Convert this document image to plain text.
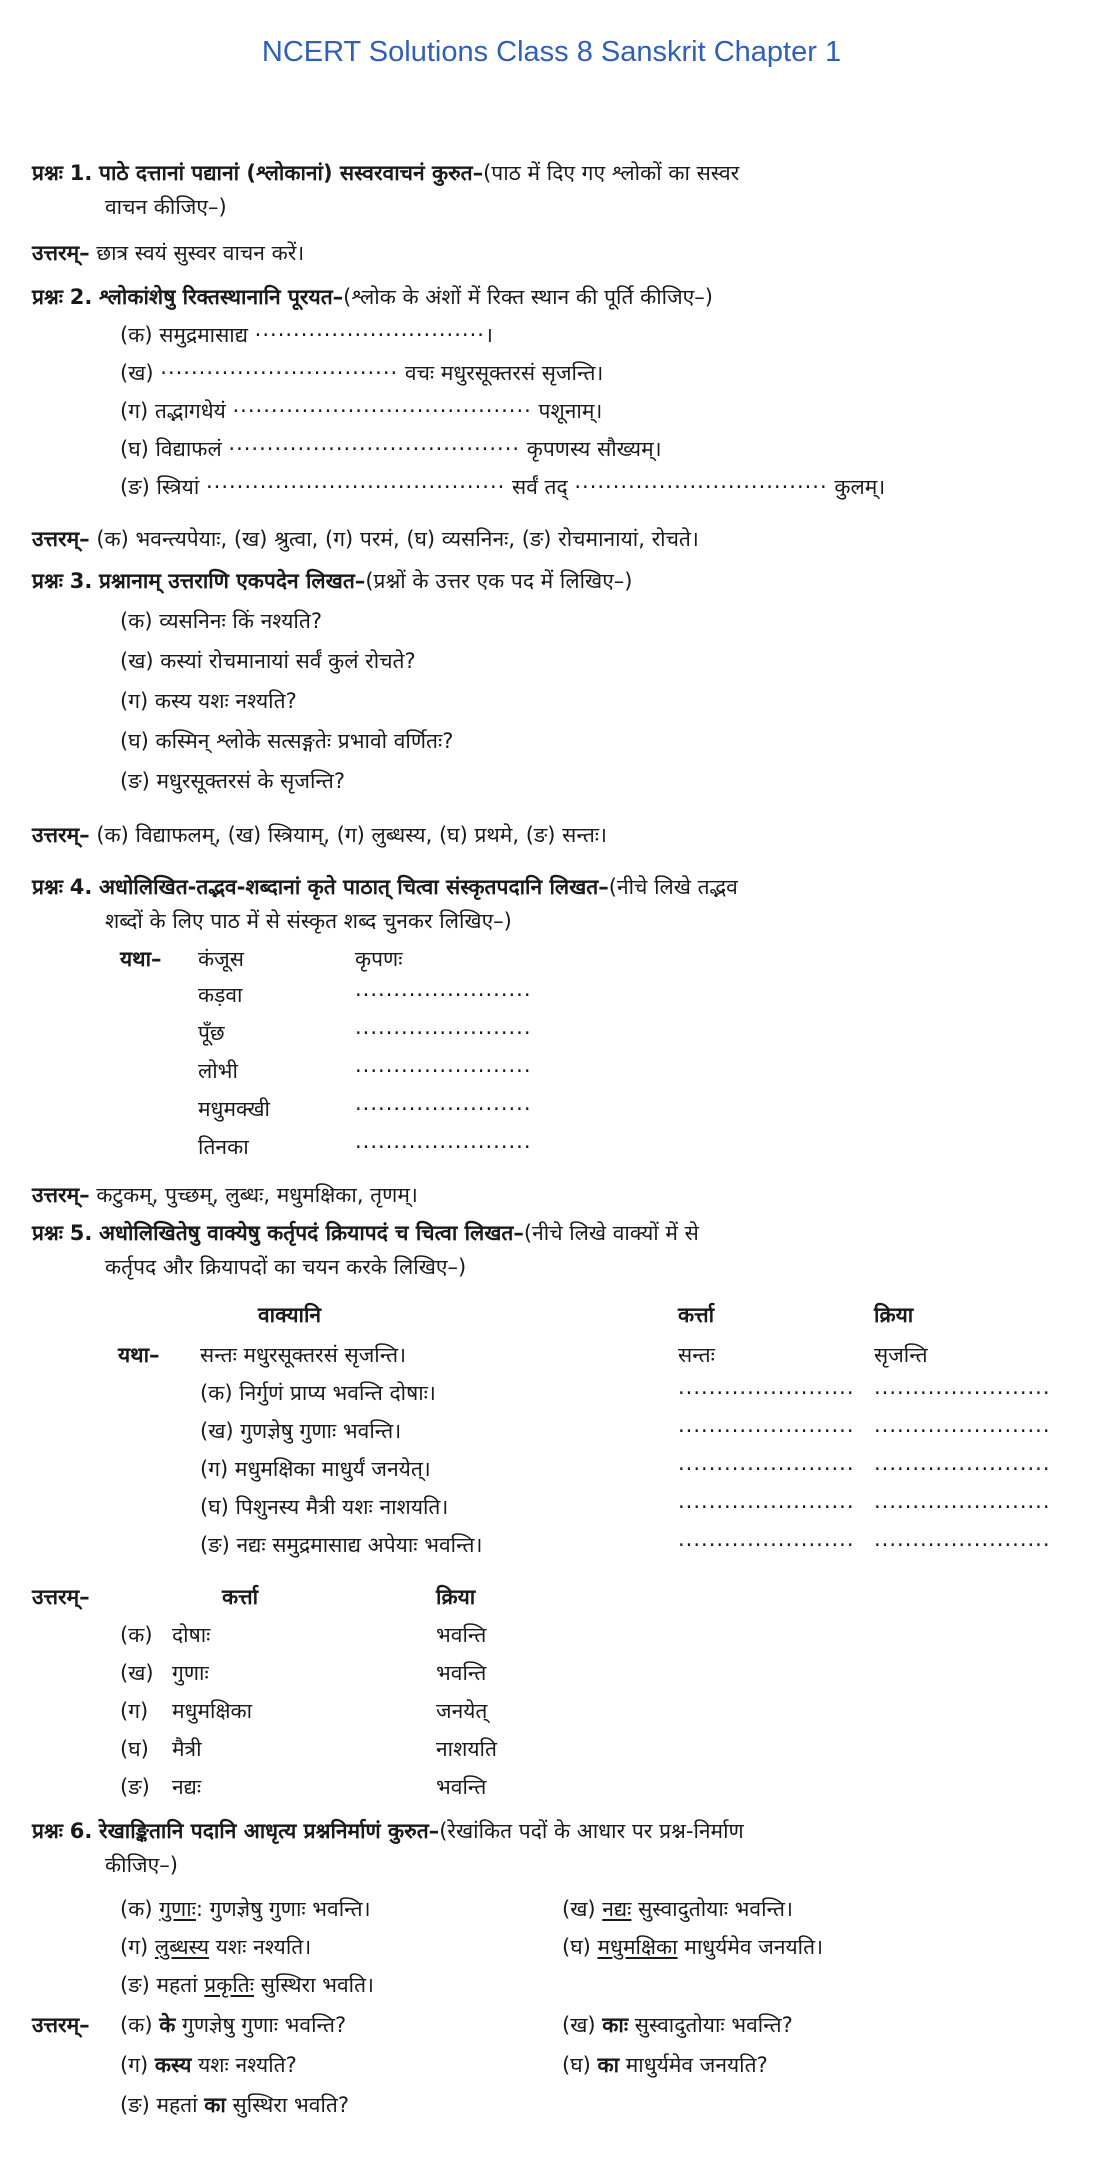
NCERT Solutions Class 8 Sanskrit Chapter 1
प्रश्नः 1. पाठे दत्तानां पद्यानां (श्लोकानां) सस्वरवाचनं कुरुत–(पाठ में दिए गए श्लोकों का सस्वर
वाचन कीजिए–)
उत्तरम्– छात्र स्वयं सुस्वर वाचन करें।
प्रश्नः 2. श्लोकांशेषु रिक्तस्थानानि पूरयत–(श्लोक के अंशों में रिक्त स्थान की पूर्ति कीजिए–)
(क) समुद्रमासाद्य ······························।
(ख) ······························· वचः मधुरसूक्तरसं सृजन्ति।
(ग) तद्भागधेयं ······································· पशूनाम्।
(घ) विद्याफलं ······································ कृपणस्य सौख्यम्।
(ङ) स्त्रियां ······································· सर्वं तद् ································· कुलम्।
उत्तरम्– (क) भवन्त्यपेयाः, (ख) श्रुत्वा, (ग) परमं, (घ) व्यसनिनः, (ङ) रोचमानायां, रोचते।
प्रश्नः 3. प्रश्नानाम् उत्तराणि एकपदेन लिखत–(प्रश्नों के उत्तर एक पद में लिखिए–)
(क) व्यसनिनः किं नश्यति?
(ख) कस्यां रोचमानायां सर्वं कुलं रोचते?
(ग) कस्य यशः नश्यति?
(घ) कस्मिन् श्लोके सत्सङ्गतेः प्रभावो वर्णितः?
(ङ) मधुरसूक्तरसं के सृजन्ति?
उत्तरम्– (क) विद्याफलम्, (ख) स्त्रियाम्, (ग) लुब्धस्य, (घ) प्रथमे, (ङ) सन्तः।
प्रश्नः 4. अधोलिखित-तद्भव-शब्दानां कृते पाठात् चित्वा संस्कृतपदानि लिखत–(नीचे लिखे तद्भव
शब्दों के लिए पाठ में से संस्कृत शब्द चुनकर लिखिए–)
यथा– कंजूस	कृपणः
कड़वा	·······················
पूँछ	·······················
लोभी	·······················
मधुमक्खी	·······················
तिनका	·······················
उत्तरम्– कटुकम्, पुच्छम्, लुब्धः, मधुमक्षिका, तृणम्।
प्रश्नः 5. अधोलिखितेषु वाक्येषु कर्तृपदं क्रियापदं च चित्वा लिखत–(नीचे लिखे वाक्यों में से
कर्तृपद और क्रियापदों का चयन करके लिखिए–)
वाक्यानि	कर्त्ता	क्रिया
यथा– सन्तः मधुरसूक्तरसं सृजन्ति।	सन्तः	सृजन्ति
(क) निर्गुणं प्राप्य भवन्ति दोषाः।	······················· ·······················
(ख) गुणज्ञेषु गुणाः भवन्ति।	······················· ·······················
(ग) मधुमक्षिका माधुर्यं जनयेत्।	······················· ·······················
(घ) पिशुनस्य मैत्री यशः नाशयति।	······················· ·······················
(ङ) नद्यः समुद्रमासाद्य अपेयाः भवन्ति।	······················· ·······················
उत्तरम्–	कर्त्ता	क्रिया
(क) दोषाः	भवन्ति
(ख) गुणाः	भवन्ति
(ग) मधुमक्षिका	जनयेत्
(घ) मैत्री	नाशयति
(ङ) नद्यः	भवन्ति
प्रश्नः 6. रेखाङ्कितानि पदानि आधृत्य प्रश्ननिर्माणं कुरुत–(रेखांकित पदों के आधार पर प्रश्न-निर्माण
कीजिए–)
(क) गुणाः: गुणज्ञेषु गुणाः भवन्ति।	(ख) नद्यः सुस्वादुतोयाः भवन्ति।
(ग) लुब्धस्य यशः नश्यति।	(घ) मधुमक्षिका माधुर्यमेव जनयति।
(ङ) महतां प्रकृतिः सुस्थिरा भवति।
उत्तरम्– (क) के गुणज्ञेषु गुणाः भवन्ति?	(ख) काः सुस्वादुतोयाः भवन्ति?
(ग) कस्य यशः नश्यति?	(घ) का माधुर्यमेव जनयति?
(ङ) महतां का सुस्थिरा भवति?
